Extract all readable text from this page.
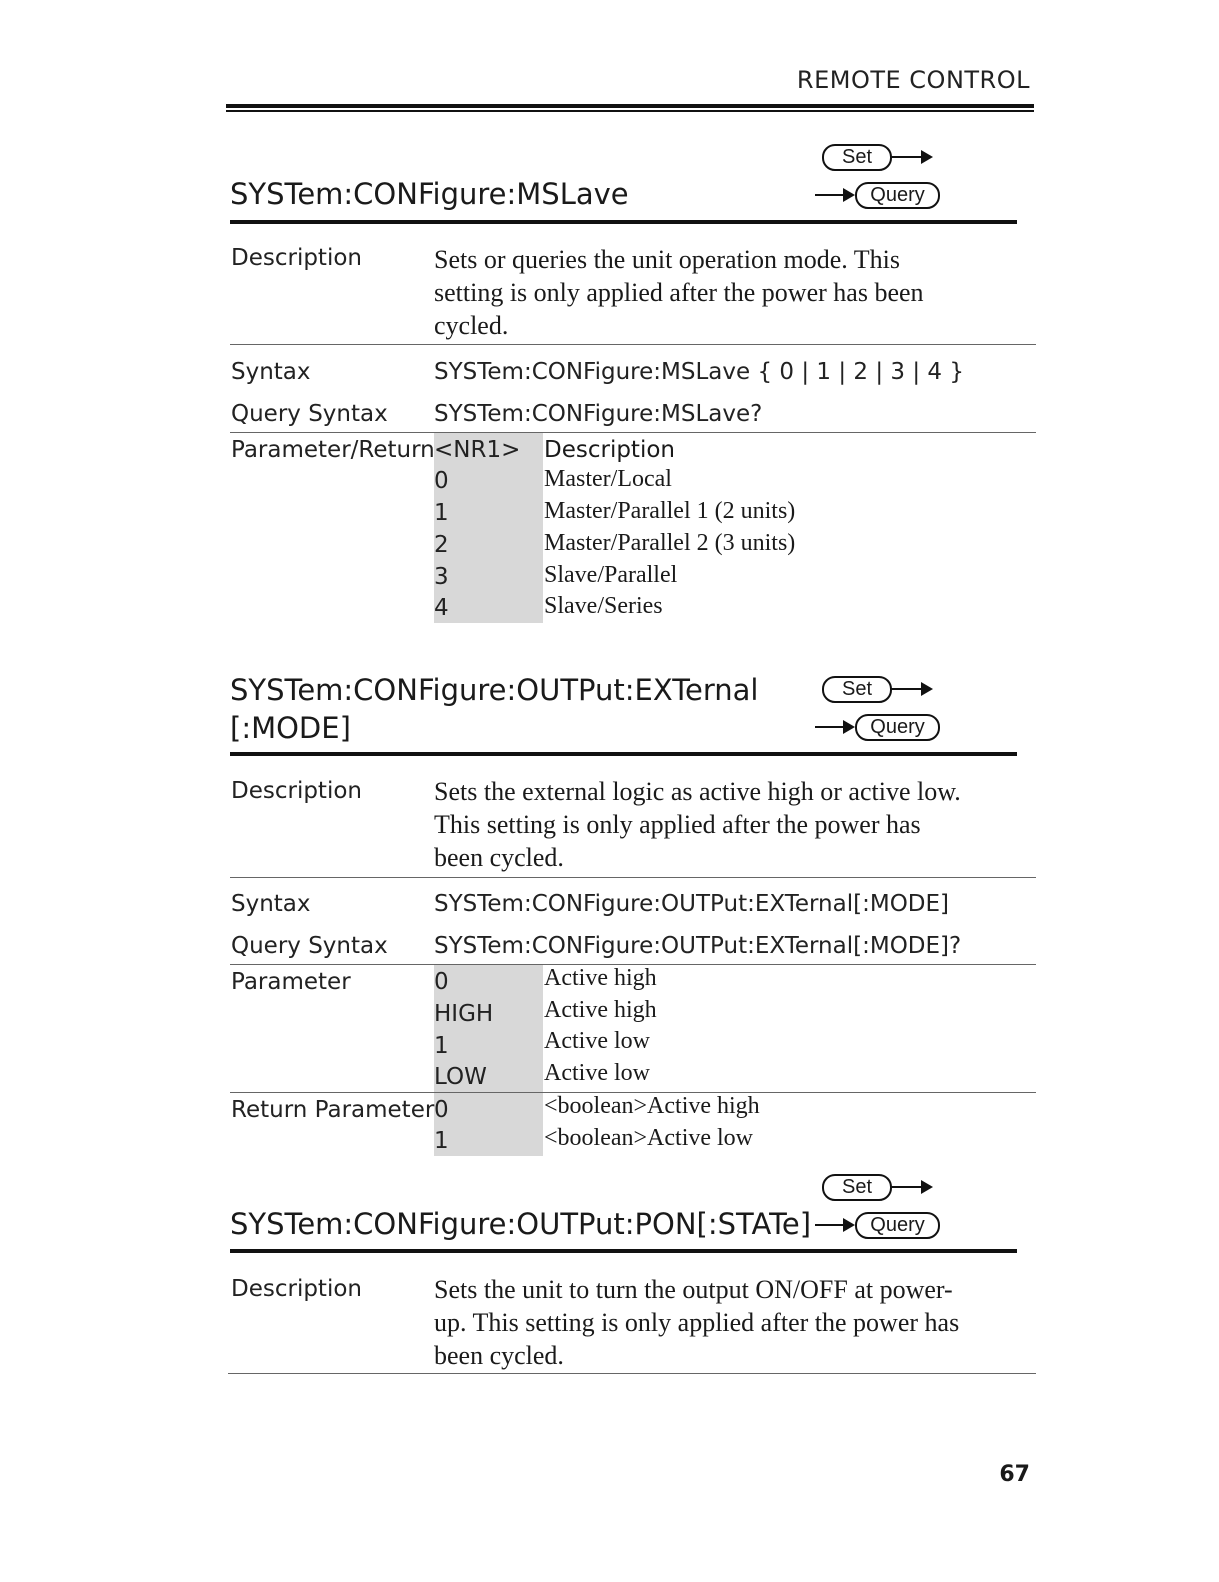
REMOTE CONTROL
SYSTem:CONFigure:MSLave
Set
Query
Description	Sets or queries the unit operation mode. This
setting is only applied after the power has been
cycled.
Syntax	SYSTem:CONFigure:MSLave { 0 | 1 | 2 | 3 | 4 }
Query Syntax SYSTem:CONFigure:MSLave?
Parameter/Return <NR1> Description
0	Master/Local
1	Master/Parallel 1 (2 units)
2	Master/Parallel 2 (3 units)
3	Slave/Parallel
4	Slave/Series
SYSTem:CONFigure:OUTPut:EXTernal
[:MODE]
Set
Query
Description	Sets the external logic as active high or active low.
This setting is only applied after the power has
been cycled.
Syntax	SYSTem:CONFigure:OUTPut:EXTernal[:MODE]
Query Syntax SYSTem:CONFigure:OUTPut:EXTernal[:MODE]?
Parameter	0	Active high
HIGH Active high
1	Active low
LOW Active low
Return Parameter 0	<boolean>Active high
1	<boolean>Active low
SYSTem:CONFigure:OUTPut:PON[:STATe]
Set
Query
Description	Sets the unit to turn the output ON/OFF at power-
up. This setting is only applied after the power has
been cycled.
67
